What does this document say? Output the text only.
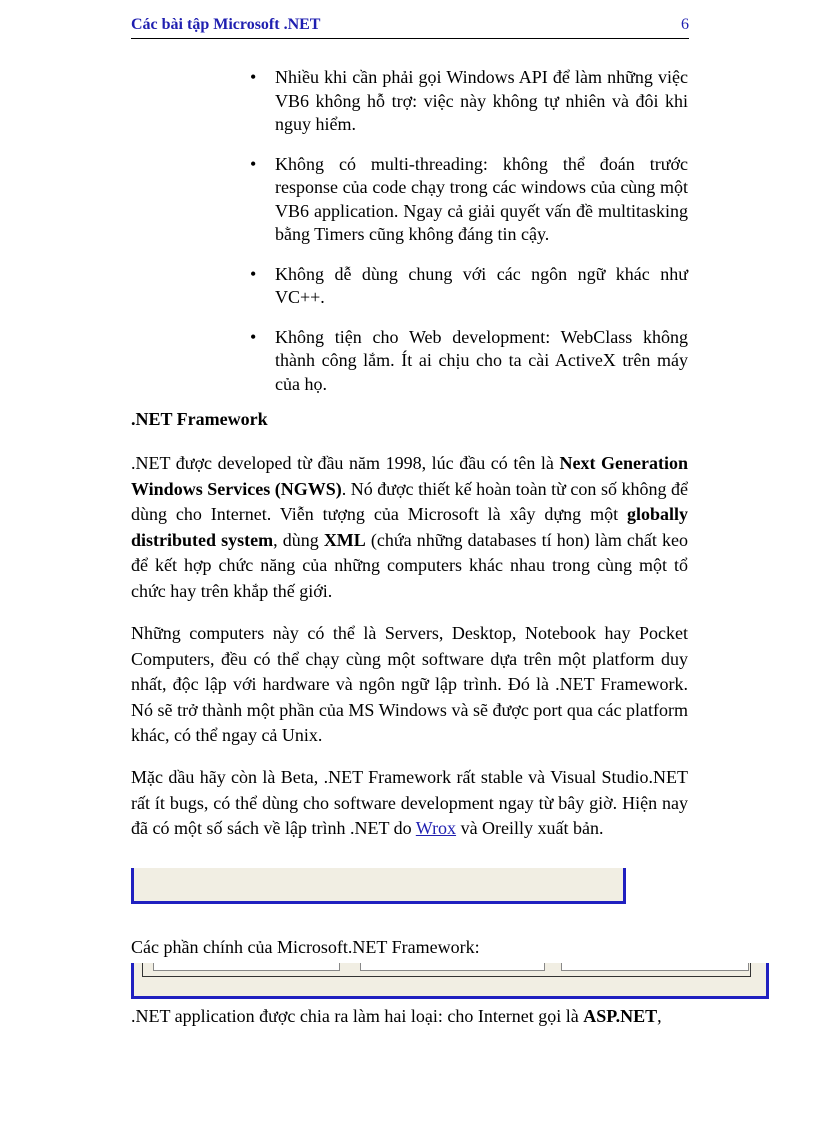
Các bài tập Microsoft .NET	6
• Nhiều khi cần phải gọi Windows API để làm những việc VB6 không hỗ trợ: việc này không tự nhiên và đôi khi nguy hiểm.
• Không có multi-threading: không thể đoán trước response của code chạy trong các windows của cùng một VB6 application. Ngay cả giải quyết vấn đề multitasking bằng Timers cũng không đáng tin cậy.
• Không dễ dùng chung với các ngôn ngữ khác như VC++.
• Không tiện cho Web development: WebClass không thành công lắm. Ít ai chịu cho ta cài ActiveX trên máy của họ.
.NET Framework

.NET được developed từ đầu năm 1998, lúc đầu có tên là Next Generation Windows Services (NGWS). Nó được thiết kế hoàn toàn từ con số không để dùng cho Internet. Viễn tượng của Microsoft là xây dựng một globally distributed system, dùng XML (chứa những databases tí hon) làm chất keo để kết hợp chức năng của những computers khác nhau trong cùng một tổ chức hay trên khắp thế giới.

Những computers này có thể là Servers, Desktop, Notebook hay Pocket Computers, đều có thể chạy cùng một software dựa trên một platform duy nhất, độc lập với hardware và ngôn ngữ lập trình. Đó là .NET Framework. Nó sẽ trở thành một phần của MS Windows và sẽ được port qua các platform khác, có thể ngay cả Unix.

Mặc dầu hãy còn là Beta, .NET Framework rất stable và Visual Studio.NET rất ít bugs, có thể dùng cho software development ngay từ bây giờ. Hiện nay đã có một số sách về lập trình .NET do Wrox và Oreilly xuất bản.

Các phần chính của Microsoft.NET Framework:

.NET application được chia ra làm hai loại: cho Internet gọi là ASP.NET,
